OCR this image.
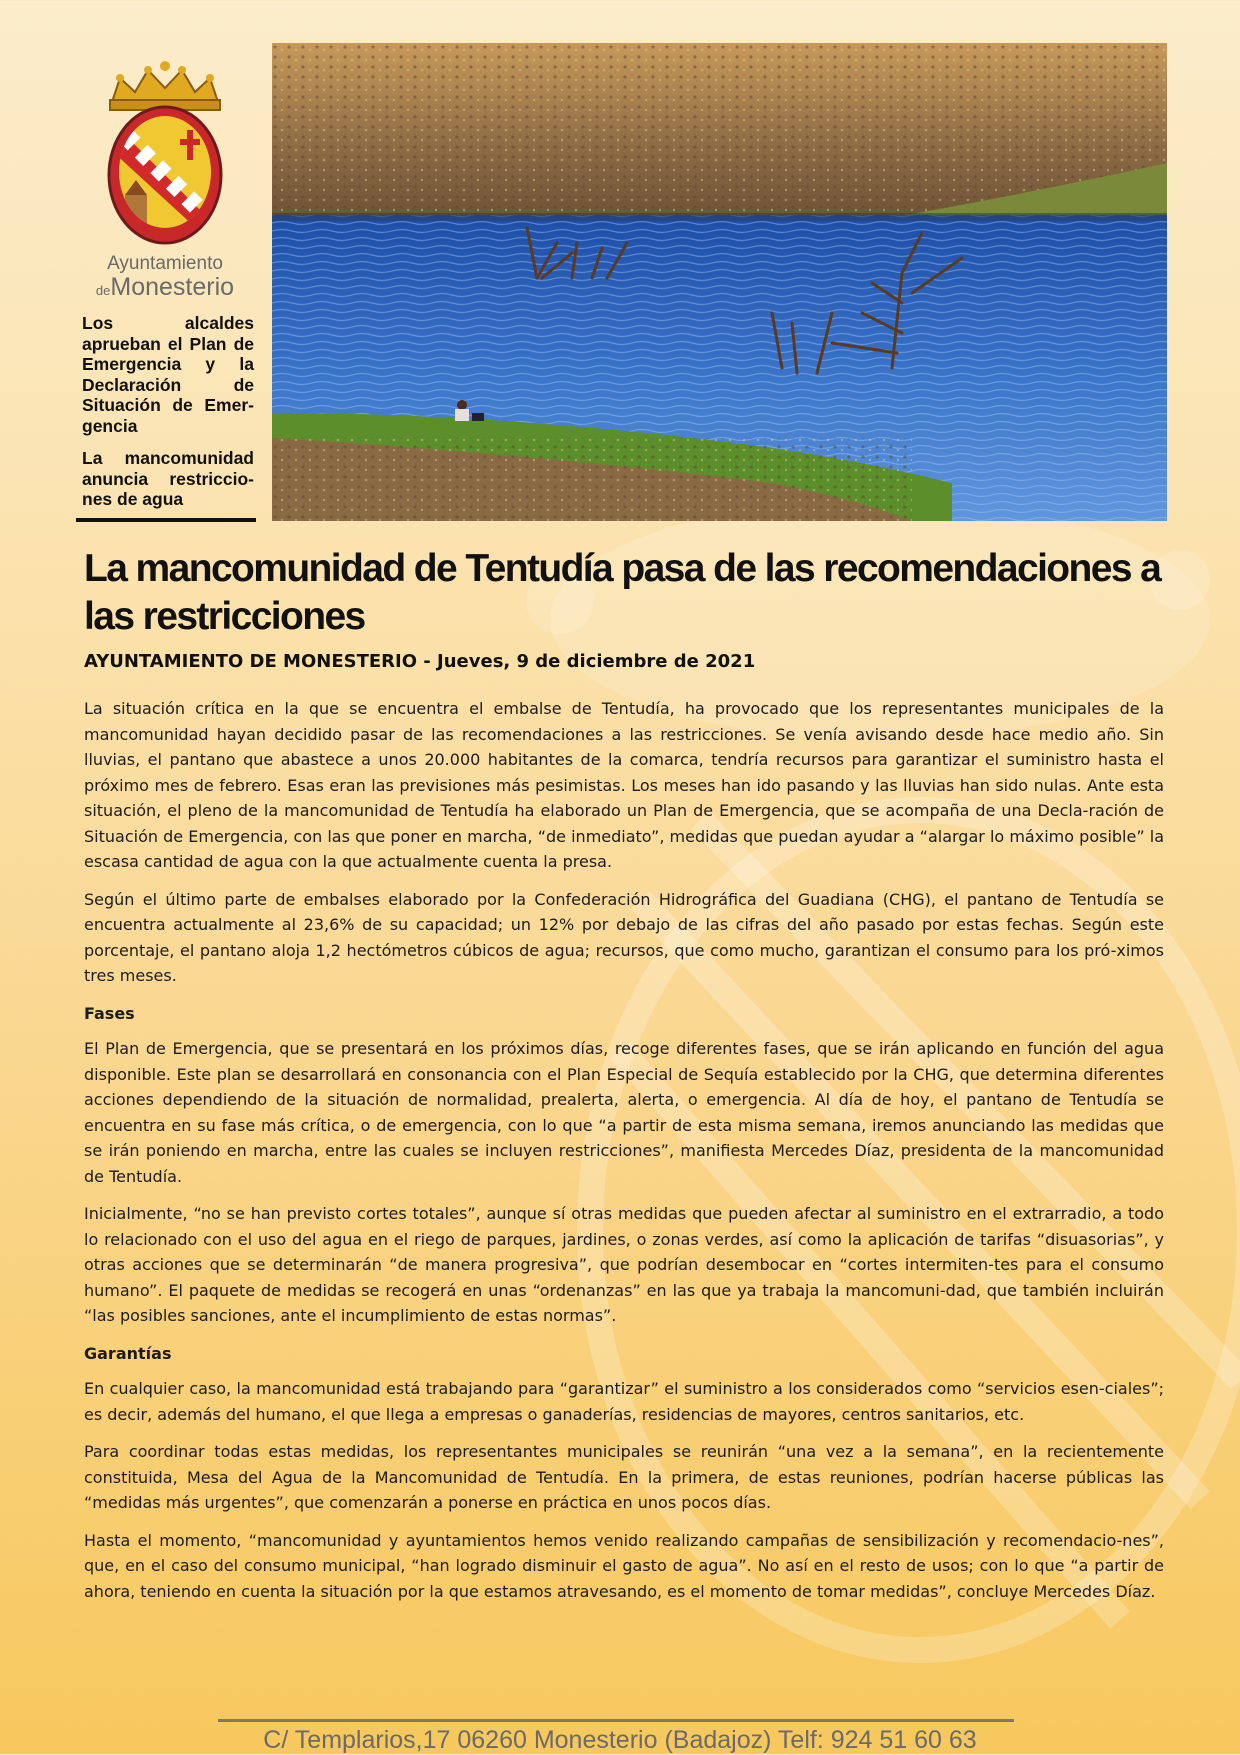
Ayuntamiento
deMonesterio

Los alcaldes aprueban el Plan de Emergencia y la Declaración de Situación de Emer-gencia

La mancomunidad anuncia restriccio-nes de agua

La mancomunidad de Tentudía pasa de las recomendaciones a las restricciones

AYUNTAMIENTO DE MONESTERIO - Jueves, 9 de diciembre de 2021

La situación crítica en la que se encuentra el embalse de Tentudía, ha provocado que los representantes municipales de la mancomunidad hayan decidido pasar de las recomendaciones a las restricciones. Se venía avisando desde hace medio año. Sin lluvias, el pantano que abastece a unos 20.000 habitantes de la comarca, tendría recursos para garantizar el suministro hasta el próximo mes de febrero. Esas eran las previsiones más pesimistas. Los meses han ido pasando y las lluvias han sido nulas. Ante esta situación, el pleno de la mancomunidad de Tentudía ha elaborado un Plan de Emergencia, que se acompaña de una Decla-ración de Situación de Emergencia, con las que poner en marcha, “de inmediato”, medidas que puedan ayudar a “alargar lo máximo posible” la escasa cantidad de agua con la que actualmente cuenta la presa.

Según el último parte de embalses elaborado por la Confederación Hidrográfica del Guadiana (CHG), el pantano de Tentudía se encuentra actualmente al 23,6% de su capacidad; un 12% por debajo de las cifras del año pasado por estas fechas. Según este porcentaje, el pantano aloja 1,2 hectómetros cúbicos de agua; recursos, que como mucho, garantizan el consumo para los pró-ximos tres meses.

Fases

El Plan de Emergencia, que se presentará en los próximos días, recoge diferentes fases, que se irán aplicando en función del agua disponible. Este plan se desarrollará en consonancia con el Plan Especial de Sequía establecido por la CHG, que determina diferentes acciones dependiendo de la situación de normalidad, prealerta, alerta, o emergencia. Al día de hoy, el pantano de Tentudía se encuentra en su fase más crítica, o de emergencia, con lo que “a partir de esta misma semana, iremos anunciando las medidas que se irán poniendo en marcha, entre las cuales se incluyen restricciones”, manifiesta Mercedes Díaz, presidenta de la mancomunidad de Tentudía.

Inicialmente, “no se han previsto cortes totales”, aunque sí otras medidas que pueden afectar al suministro en el extrarradio, a todo lo relacionado con el uso del agua en el riego de parques, jardines, o zonas verdes, así como la aplicación de tarifas “disuasorias”, y otras acciones que se determinarán “de manera progresiva”, que podrían desembocar en “cortes intermiten-tes para el consumo humano”. El paquete de medidas se recogerá en unas “ordenanzas” en las que ya trabaja la mancomuni-dad, que también incluirán “las posibles sanciones, ante el incumplimiento de estas normas”.

Garantías

En cualquier caso, la mancomunidad está trabajando para “garantizar” el suministro a los considerados como “servicios esen-ciales”; es decir, además del humano, el que llega a empresas o ganaderías, residencias de mayores, centros sanitarios, etc.

Para coordinar todas estas medidas, los representantes municipales se reunirán “una vez a la semana”, en la recientemente constituida, Mesa del Agua de la Mancomunidad de Tentudía. En la primera, de estas reuniones, podrían hacerse públicas las “medidas más urgentes”, que comenzarán a ponerse en práctica en unos pocos días.

Hasta el momento, “mancomunidad y ayuntamientos hemos venido realizando campañas de sensibilización y recomendacio-nes”, que, en el caso del consumo municipal, “han logrado disminuir el gasto de agua”. No así en el resto de usos; con lo que “a partir de ahora, teniendo en cuenta la situación por la que estamos atravesando, es el momento de tomar medidas”, concluye Mercedes Díaz.

C/ Templarios,17 06260 Monesterio (Badajoz) Telf: 924 51 60 63
